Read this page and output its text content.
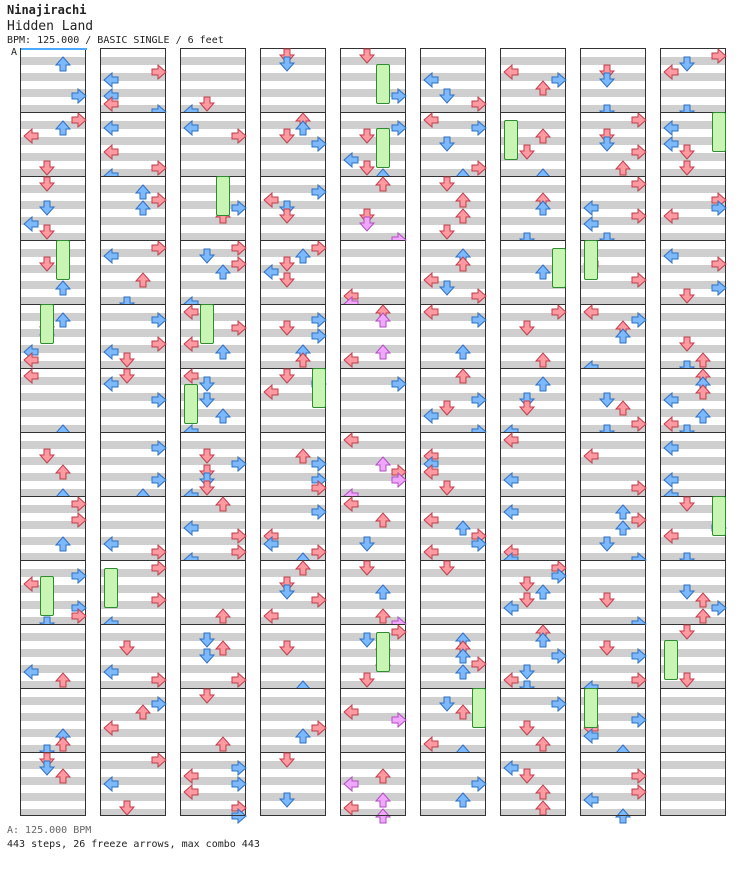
Ninajirachi
Hidden Land
BPM: 125.000 / BASIC SINGLE / 6 feet
A
A: 125.000 BPM
443 steps, 26 freeze arrows, max combo 443
